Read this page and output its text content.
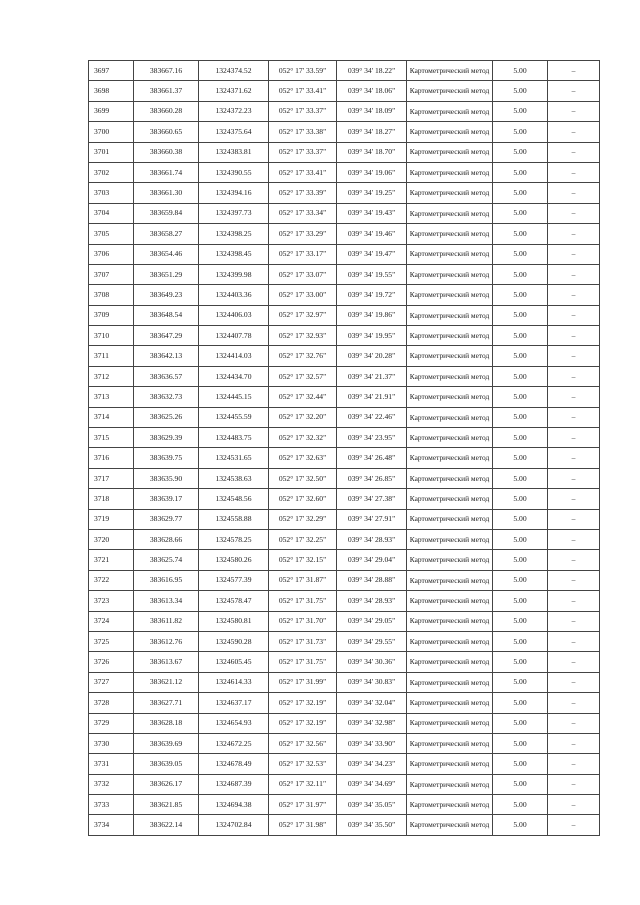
3697	383667.16	1324374.52	052° 17' 33.59"	039° 34' 18.22"	Картометрический метод	5.00	–
3698	383661.37	1324371.62	052° 17' 33.41"	039° 34' 18.06"	Картометрический метод	5.00	–
3699	383660.28	1324372.23	052° 17' 33.37"	039° 34' 18.09"	Картометрический метод	5.00	–
3700	383660.65	1324375.64	052° 17' 33.38"	039° 34' 18.27"	Картометрический метод	5.00	–
3701	383660.38	1324383.81	052° 17' 33.37"	039° 34' 18.70"	Картометрический метод	5.00	–
3702	383661.74	1324390.55	052° 17' 33.41"	039° 34' 19.06"	Картометрический метод	5.00	–
3703	383661.30	1324394.16	052° 17' 33.39"	039° 34' 19.25"	Картометрический метод	5.00	–
3704	383659.84	1324397.73	052° 17' 33.34"	039° 34' 19.43"	Картометрический метод	5.00	–
3705	383658.27	1324398.25	052° 17' 33.29"	039° 34' 19.46"	Картометрический метод	5.00	–
3706	383654.46	1324398.45	052° 17' 33.17"	039° 34' 19.47"	Картометрический метод	5.00	–
3707	383651.29	1324399.98	052° 17' 33.07"	039° 34' 19.55"	Картометрический метод	5.00	–
3708	383649.23	1324403.36	052° 17' 33.00"	039° 34' 19.72"	Картометрический метод	5.00	–
3709	383648.54	1324406.03	052° 17' 32.97"	039° 34' 19.86"	Картометрический метод	5.00	–
3710	383647.29	1324407.78	052° 17' 32.93"	039° 34' 19.95"	Картометрический метод	5.00	–
3711	383642.13	1324414.03	052° 17' 32.76"	039° 34' 20.28"	Картометрический метод	5.00	–
3712	383636.57	1324434.70	052° 17' 32.57"	039° 34' 21.37"	Картометрический метод	5.00	–
3713	383632.73	1324445.15	052° 17' 32.44"	039° 34' 21.91"	Картометрический метод	5.00	–
3714	383625.26	1324455.59	052° 17' 32.20"	039° 34' 22.46"	Картометрический метод	5.00	–
3715	383629.39	1324483.75	052° 17' 32.32"	039° 34' 23.95"	Картометрический метод	5.00	–
3716	383639.75	1324531.65	052° 17' 32.63"	039° 34' 26.48"	Картометрический метод	5.00	–
3717	383635.90	1324538.63	052° 17' 32.50"	039° 34' 26.85"	Картометрический метод	5.00	–
3718	383639.17	1324548.56	052° 17' 32.60"	039° 34' 27.38"	Картометрический метод	5.00	–
3719	383629.77	1324558.88	052° 17' 32.29"	039° 34' 27.91"	Картометрический метод	5.00	–
3720	383628.66	1324578.25	052° 17' 32.25"	039° 34' 28.93"	Картометрический метод	5.00	–
3721	383625.74	1324580.26	052° 17' 32.15"	039° 34' 29.04"	Картометрический метод	5.00	–
3722	383616.95	1324577.39	052° 17' 31.87"	039° 34' 28.88"	Картометрический метод	5.00	–
3723	383613.34	1324578.47	052° 17' 31.75"	039° 34' 28.93"	Картометрический метод	5.00	–
3724	383611.82	1324580.81	052° 17' 31.70"	039° 34' 29.05"	Картометрический метод	5.00	–
3725	383612.76	1324590.28	052° 17' 31.73"	039° 34' 29.55"	Картометрический метод	5.00	–
3726	383613.67	1324605.45	052° 17' 31.75"	039° 34' 30.36"	Картометрический метод	5.00	–
3727	383621.12	1324614.33	052° 17' 31.99"	039° 34' 30.83"	Картометрический метод	5.00	–
3728	383627.71	1324637.17	052° 17' 32.19"	039° 34' 32.04"	Картометрический метод	5.00	–
3729	383628.18	1324654.93	052° 17' 32.19"	039° 34' 32.98"	Картометрический метод	5.00	–
3730	383639.69	1324672.25	052° 17' 32.56"	039° 34' 33.90"	Картометрический метод	5.00	–
3731	383639.05	1324678.49	052° 17' 32.53"	039° 34' 34.23"	Картометрический метод	5.00	–
3732	383626.17	1324687.39	052° 17' 32.11"	039° 34' 34.69"	Картометрический метод	5.00	–
3733	383621.85	1324694.38	052° 17' 31.97"	039° 34' 35.05"	Картометрический метод	5.00	–
3734	383622.14	1324702.84	052° 17' 31.98"	039° 34' 35.50"	Картометрический метод	5.00	–
